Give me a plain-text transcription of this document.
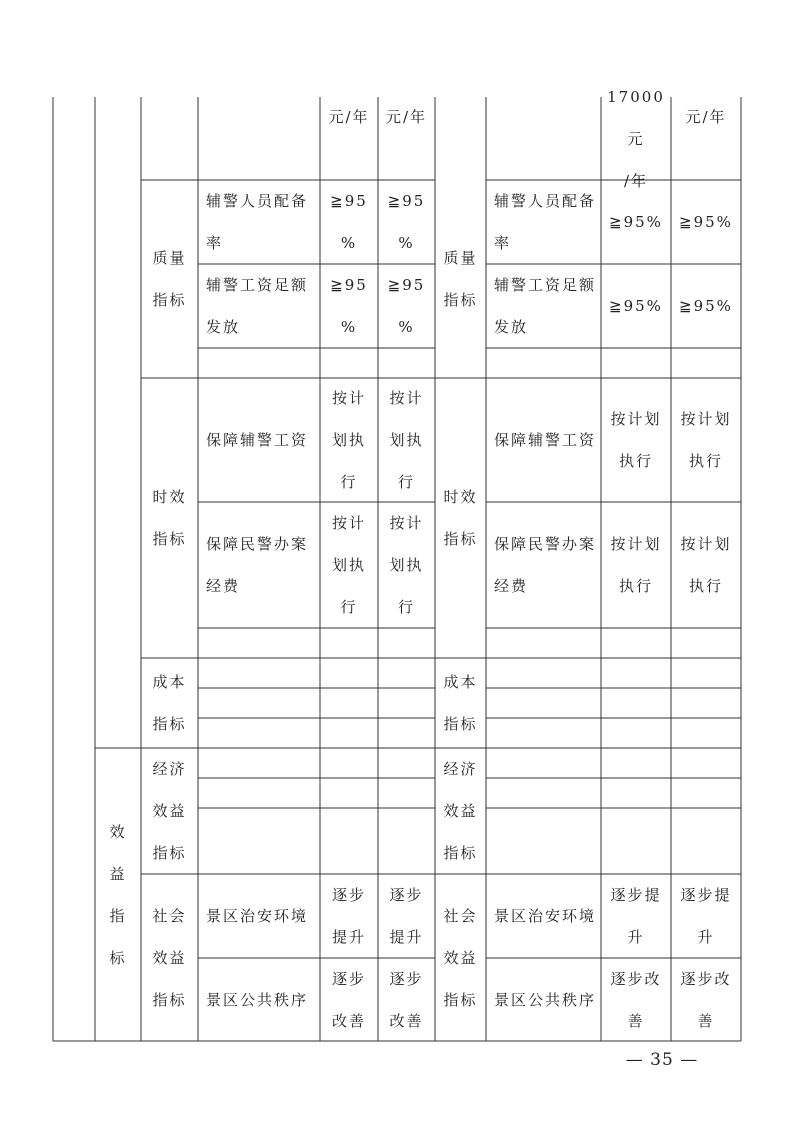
元/年 元/年
17000元
/年
元/年
效
益
指
标
质量
指标
质量
指标
时效
指标
时效
指标
成本
指标
成本
指标
经济
效益
指标
经济
效益
指标
社会
效益
指标
社会
效益
指标
辅警人员配备
率
≧95
%
≧95
%
辅警人员配备
率
≧95% ≧95%
辅警工资足额
发放
≧95
%
≧95
%
辅警工资足额
发放
≧95% ≧95%
保障辅警工资
按计
划执
行
按计
划执
行
保障辅警工资
按计划
执行
按计划
执行
保障民警办案
经费
按计
划执
行
按计
划执
行
保障民警办案
经费
按计划
执行
按计划
执行
景区治安环境
逐步
提升
逐步
提升
景区治安环境
逐步提
升
逐步提
升
景区公共秩序
逐步
改善
逐步
改善
景区公共秩序
逐步改
善
逐步改
善
— 35 —
